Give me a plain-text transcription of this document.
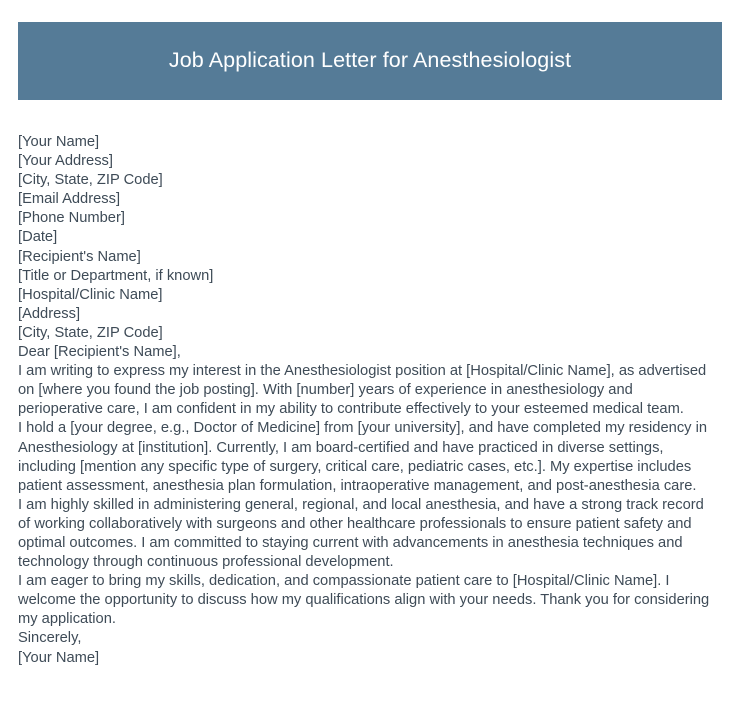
Job Application Letter for Anesthesiologist
[Your Name]
[Your Address]
[City, State, ZIP Code]
[Email Address]
[Phone Number]
[Date]
[Recipient's Name]
[Title or Department, if known]
[Hospital/Clinic Name]
[Address]
[City, State, ZIP Code]
Dear [Recipient's Name],
I am writing to express my interest in the Anesthesiologist position at [Hospital/Clinic Name], as advertised on [where you found the job posting]. With [number] years of experience in anesthesiology and perioperative care, I am confident in my ability to contribute effectively to your esteemed medical team.
I hold a [your degree, e.g., Doctor of Medicine] from [your university], and have completed my residency in Anesthesiology at [institution]. Currently, I am board-certified and have practiced in diverse settings, including [mention any specific type of surgery, critical care, pediatric cases, etc.]. My expertise includes patient assessment, anesthesia plan formulation, intraoperative management, and post-anesthesia care.
I am highly skilled in administering general, regional, and local anesthesia, and have a strong track record of working collaboratively with surgeons and other healthcare professionals to ensure patient safety and optimal outcomes. I am committed to staying current with advancements in anesthesia techniques and technology through continuous professional development.
I am eager to bring my skills, dedication, and compassionate patient care to [Hospital/Clinic Name]. I welcome the opportunity to discuss how my qualifications align with your needs. Thank you for considering my application.
Sincerely,
[Your Name]
